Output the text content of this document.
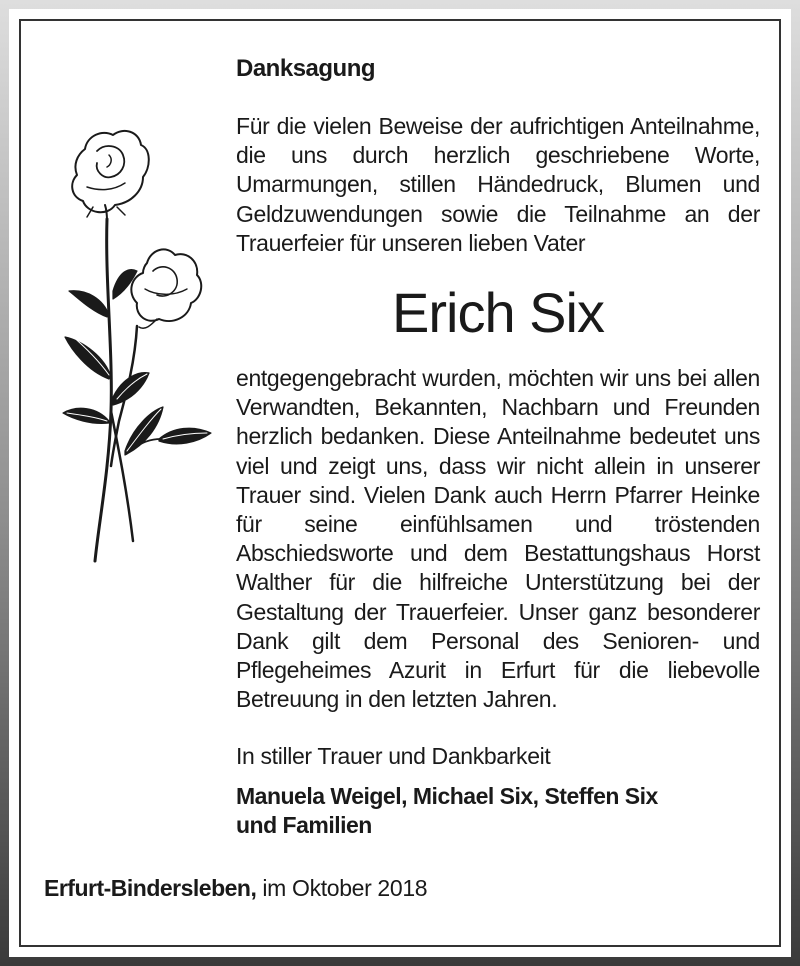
Danksagung
Für die vielen Beweise der aufrichtigen Anteilnahme, die uns durch herzlich geschriebene Worte, Umarmungen, stillen Händedruck, Blumen und Geldzuwendungen sowie die Teilnahme an der Trauerfeier für unseren lieben Vater
Erich Six
entgegengebracht wurden, möchten wir uns bei allen Verwandten, Bekannten, Nachbarn und Freunden herzlich bedanken. Diese Anteilnahme bedeutet uns viel und zeigt uns, dass wir nicht allein in unserer Trauer sind. Vielen Dank auch Herrn Pfarrer Heinke für seine einfühlsamen und tröstenden Abschiedsworte und dem Bestattungshaus Horst Walther für die hilfreiche Unterstützung bei der Gestaltung der Trauerfeier. Unser ganz besonderer Dank gilt dem Personal des Senioren- und Pflegeheimes Azurit in Erfurt für die liebevolle Betreuung in den letzten Jahren.
In stiller Trauer und Dankbarkeit
Manuela Weigel, Michael Six, Steffen Six
und Familien
Erfurt-Bindersleben, im Oktober 2018
